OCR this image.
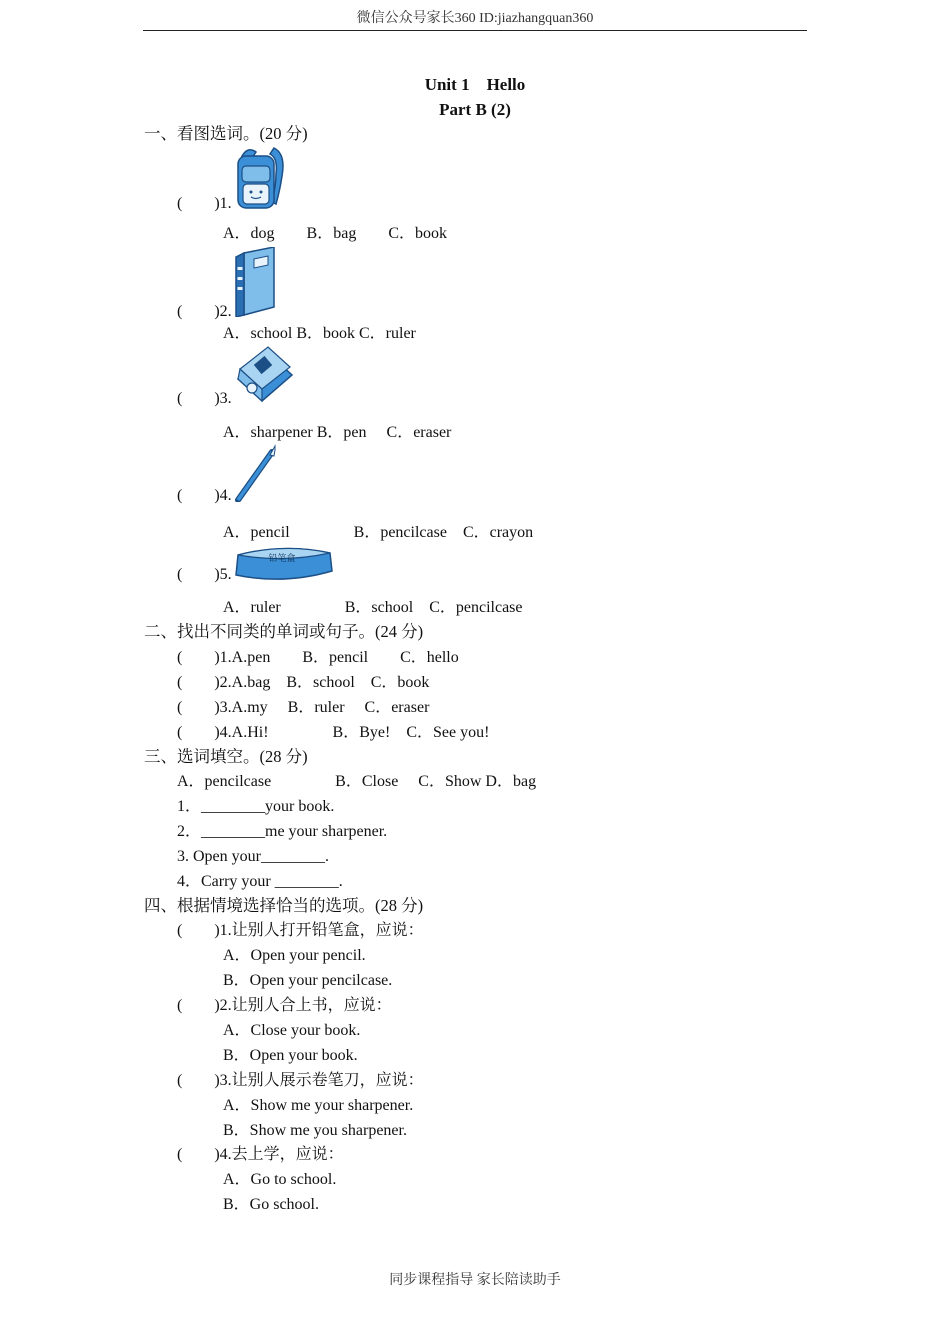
微信公众号家长360 ID:jiazhangquan360
Unit 1　Hello
Part B (2)
一、看图选词。(20 分)
(　　)1.
A．dog　　B．bag　　C．book
(　　)2.
A．school B．book C．ruler
(　　)3.
A．sharpener B．pen　 C．eraser
(　　)4.
A．pencil　　　　B．pencilcase　C．crayon
铅笔盒
(　　)5.
A．ruler　　　　B．school　C．pencilcase
二、找出不同类的单词或句子。(24 分)
(　　)1.A.pen　　B．pencil　　C．hello
(　　)2.A.bag　B．school　C．book
(　　)3.A.my　 B．ruler　 C．eraser
(　　)4.A.Hi!　　　　B．Bye!　C．See you!
三、选词填空。(28 分)
A．pencilcase　　　　B．Close　 C．Show D．bag
1．________your book.
2．________me your sharpener.
3. Open your________.
4．Carry your ________.
四、根据情境选择恰当的选项。(28 分)
(　　)1.让别人打开铅笔盒，应说：
A．Open your pencil.
B．Open your pencilcase.
(　　)2.让别人合上书，应说：
A．Close your book.
B．Open your book.
(　　)3.让别人展示卷笔刀，应说：
A．Show me your sharpener.
B．Show me you sharpener.
(　　)4.去上学，应说：
A．Go to school.
B．Go school.
同步课程指导 家长陪读助手
